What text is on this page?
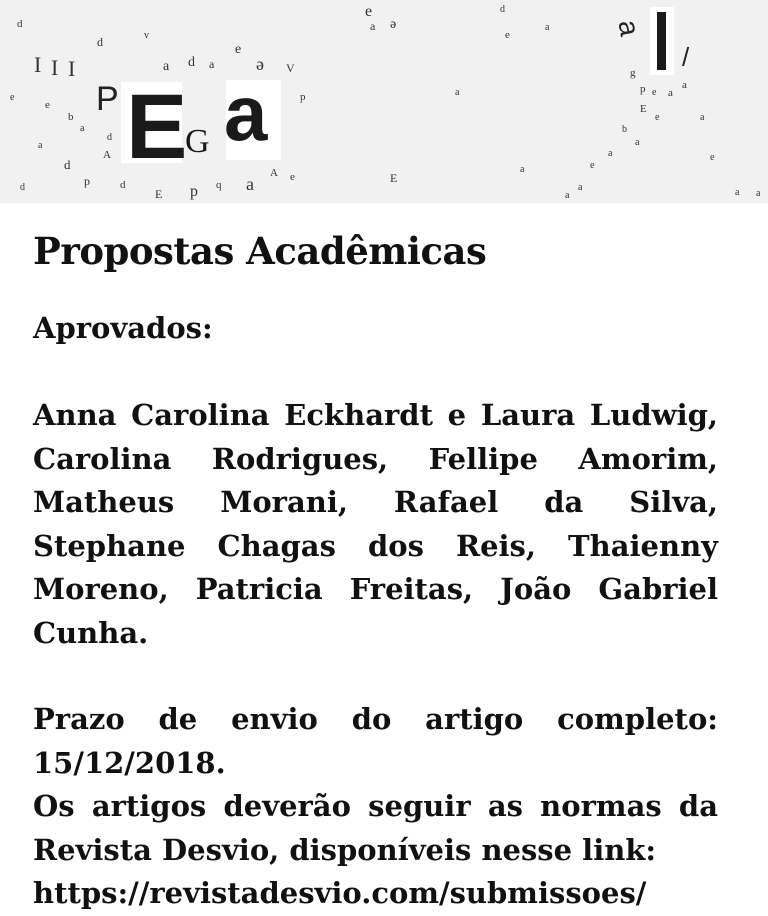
E
G a
P
/
a
I I I
d
d	v
a d a ə
e
V
p
e
b
a
a
d
A
d
p	d
E p q a
A e	E
e
a ə
d
e
a
a
g
p e a
a
E
e
b
a
a
e
a
e
a a
a
a
e
d
a
Propostas Acadêmicas
Aprovados:
Anna Carolina Eckhardt e Laura Ludwig, Carolina Rodrigues, Fellipe Amorim, Matheus Morani, Rafael da Silva, Stephane Chagas dos Reis, Thaienny Moreno, Patricia Freitas, João Gabriel Cunha.
Prazo de envio do artigo completo: 15/12/2018.
Os artigos deverão seguir as normas da Revista Desvio, disponíveis nesse link:
https://revistadesvio.com/submissoes/
